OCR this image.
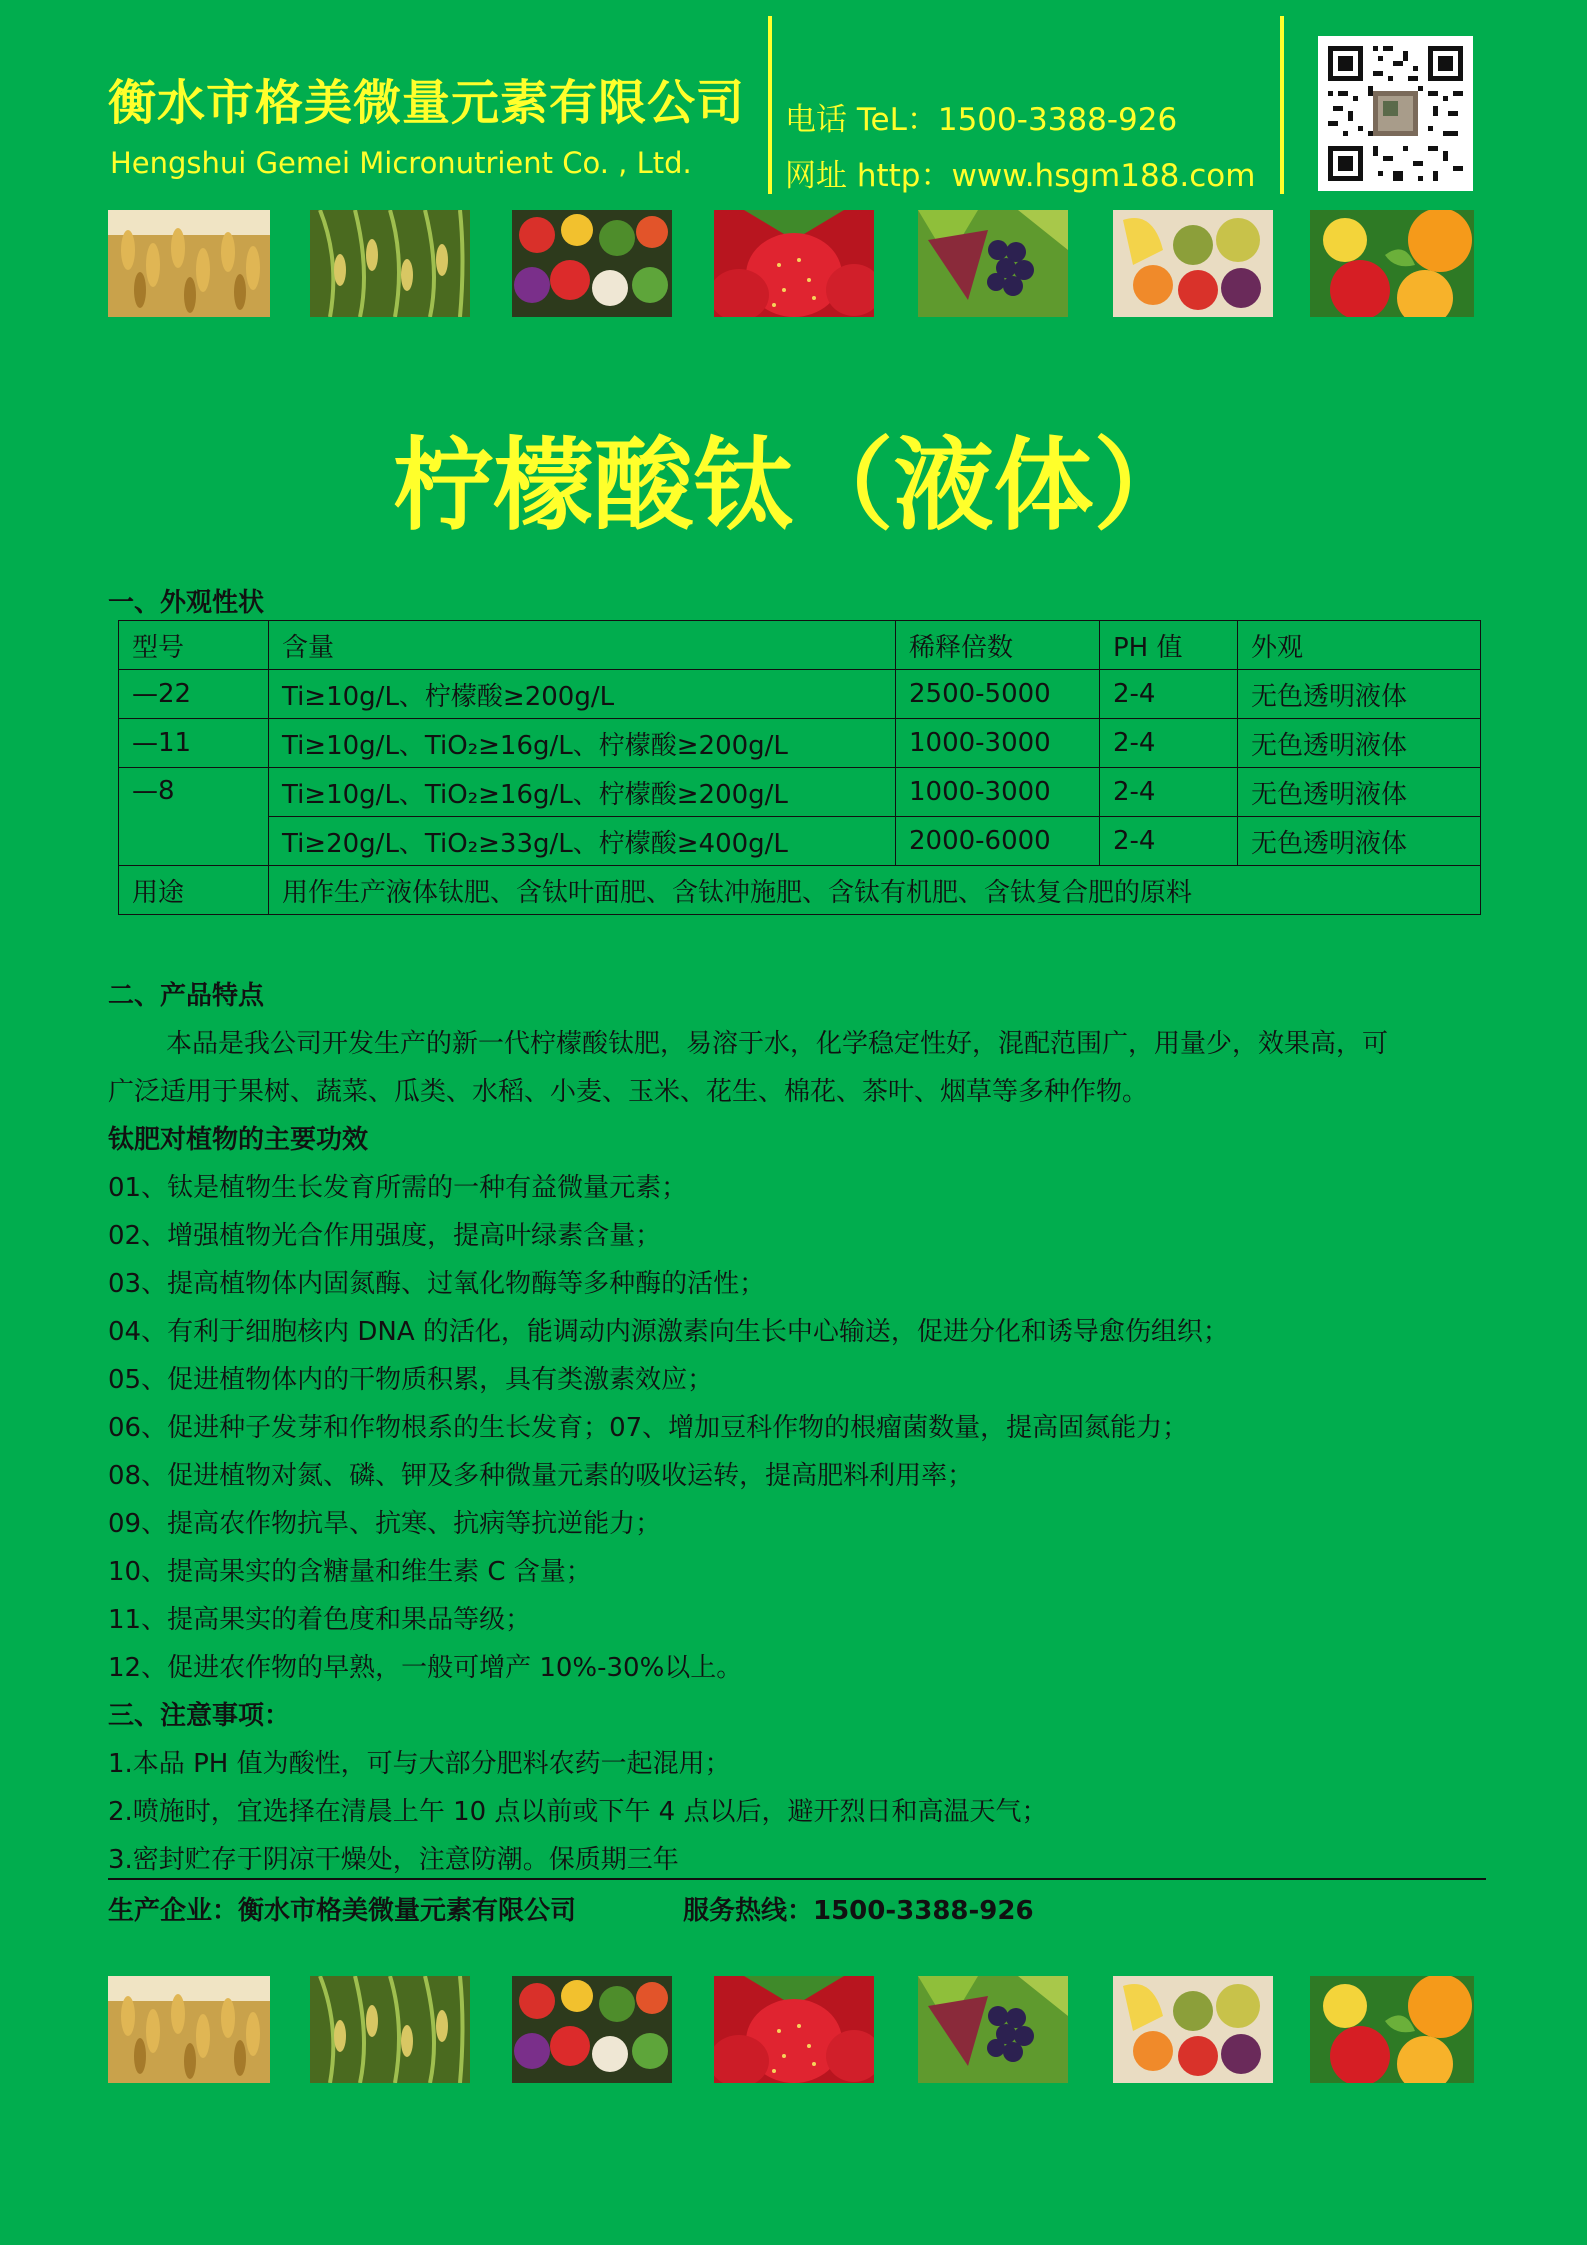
衡水市格美微量元素有限公司
Hengshui Gemei Micronutrient Co. , Ltd.
电话 TeL：1500-3388-926
网址 http：www.hsgm188.com
柠檬酸钛（液体）
一、外观性状
型号	含量	稀释倍数	PH 值	外观
—22	Ti≥10g/L、柠檬酸≥200g/L	2500-5000	2-4	无色透明液体
—11	Ti≥10g/L、TiO₂≥16g/L、柠檬酸≥200g/L	1000-3000	2-4	无色透明液体
—8	Ti≥10g/L、TiO₂≥16g/L、柠檬酸≥200g/L	1000-3000	2-4	无色透明液体
	Ti≥20g/L、TiO₂≥33g/L、柠檬酸≥400g/L	2000-6000	2-4	无色透明液体
用途	用作生产液体钛肥、含钛叶面肥、含钛冲施肥、含钛有机肥、含钛复合肥的原料			
二、产品特点
本品是我公司开发生产的新一代柠檬酸钛肥，易溶于水，化学稳定性好，混配范围广，用量少，效果高，可
广泛适用于果树、蔬菜、瓜类、水稻、小麦、玉米、花生、棉花、茶叶、烟草等多种作物。
钛肥对植物的主要功效
01、钛是植物生长发育所需的一种有益微量元素；
02、增强植物光合作用强度，提高叶绿素含量；
03、提高植物体内固氮酶、过氧化物酶等多种酶的活性；
04、有利于细胞核内 DNA 的活化，能调动内源激素向生长中心输送，促进分化和诱导愈伤组织；
05、促进植物体内的干物质积累，具有类激素效应；
06、促进种子发芽和作物根系的生长发育；07、增加豆科作物的根瘤菌数量，提高固氮能力；
08、促进植物对氮、磷、钾及多种微量元素的吸收运转，提高肥料利用率；
09、提高农作物抗旱、抗寒、抗病等抗逆能力；
10、提高果实的含糖量和维生素 C 含量；
11、提高果实的着色度和果品等级；
12、促进农作物的早熟，一般可增产 10%-30%以上。
三、注意事项：
1.本品 PH 值为酸性，可与大部分肥料农药一起混用；
2.喷施时，宜选择在清晨上午 10 点以前或下午 4 点以后，避开烈日和高温天气；
3.密封贮存于阴凉干燥处，注意防潮。保质期三年
生产企业：衡水市格美微量元素有限公司	服务热线：1500-3388-926
